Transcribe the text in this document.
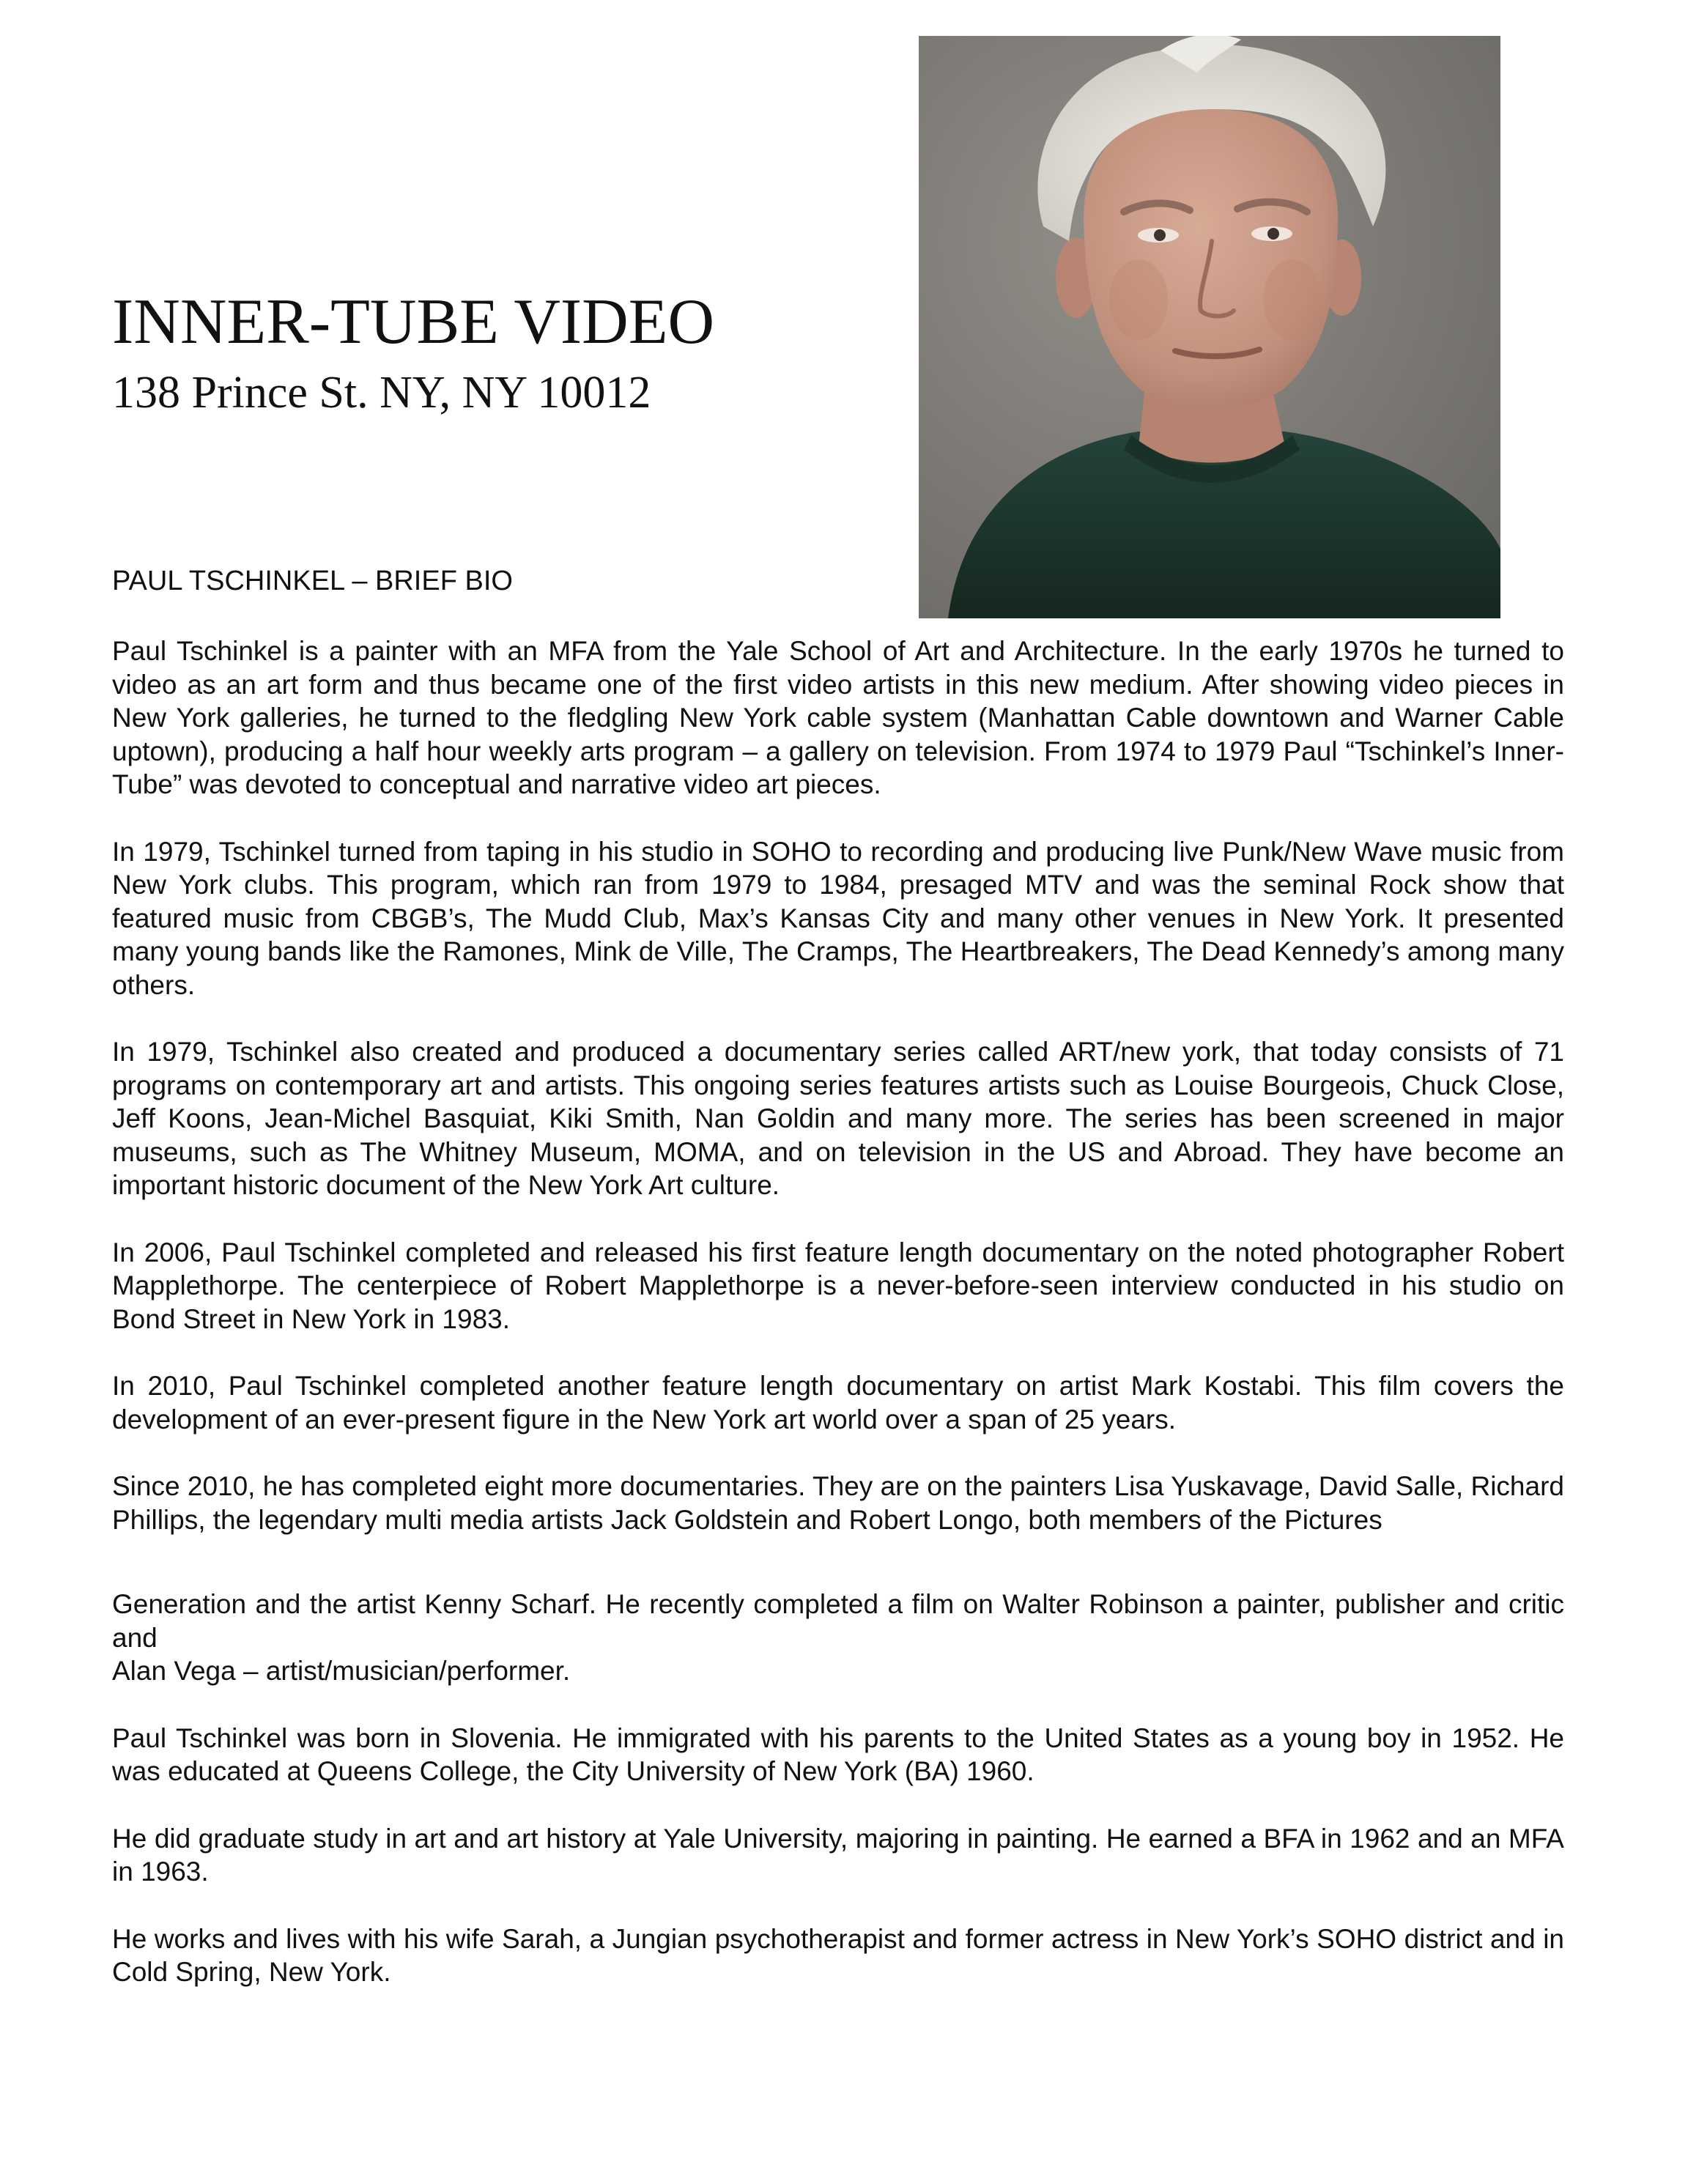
INNER-TUBE VIDEO
138 Prince St. NY, NY 10012
PAUL TSCHINKEL – BRIEF BIO

Paul Tschinkel is a painter with an MFA from the Yale School of Art and Architecture. In the early 1970s he turned to video as an art form and thus became one of the first video artists in this new medium. After showing video pieces in New York galleries, he turned to the fledgling New York cable system (Manhattan Cable downtown and Warner Cable uptown), producing a half hour weekly arts program – a gallery on television. From 1974 to 1979 Paul “Tschinkel’s Inner-Tube” was devoted to conceptual and narrative video art pieces.

In 1979, Tschinkel turned from taping in his studio in SOHO to recording and producing live Punk/New Wave music from New York clubs. This program, which ran from 1979 to 1984, presaged MTV and was the seminal Rock show that featured music from CBGB’s, The Mudd Club, Max’s Kansas City and many other venues in New York. It presented many young bands like the Ramones, Mink de Ville, The Cramps, The Heartbreakers, The Dead Kennedy’s among many others.

In 1979, Tschinkel also created and produced a documentary series called ART/new york, that today consists of 71 programs on contemporary art and artists. This ongoing series features artists such as Louise Bourgeois, Chuck Close, Jeff Koons, Jean-Michel Basquiat, Kiki Smith, Nan Goldin and many more. The series has been screened in major museums, such as The Whitney Museum, MOMA, and on television in the US and Abroad. They have become an important historic document of the New York Art culture.

In 2006, Paul Tschinkel completed and released his first feature length documentary on the noted photographer Robert Mapplethorpe. The centerpiece of Robert Mapplethorpe is a never-before-seen interview conducted in his studio on Bond Street in New York in 1983.

In 2010, Paul Tschinkel completed another feature length documentary on artist Mark Kostabi. This film covers the development of an ever-present figure in the New York art world over a span of 25 years.

Since 2010, he has completed eight more documentaries. They are on the painters Lisa Yuskavage, David Salle, Richard Phillips, the legendary multi media artists Jack Goldstein and Robert Longo, both members of the Pictures

Generation and the artist Kenny Scharf. He recently completed a film on Walter Robinson a painter, publisher and critic and

Alan Vega – artist/musician/performer.

Paul Tschinkel was born in Slovenia. He immigrated with his parents to the United States as a young boy in 1952. He was educated at Queens College, the City University of New York (BA) 1960.

He did graduate study in art and art history at Yale University, majoring in painting. He earned a BFA in 1962 and an MFA in 1963.

He works and lives with his wife Sarah, a Jungian psychotherapist and former actress in New York’s SOHO district and in Cold Spring, New York.
